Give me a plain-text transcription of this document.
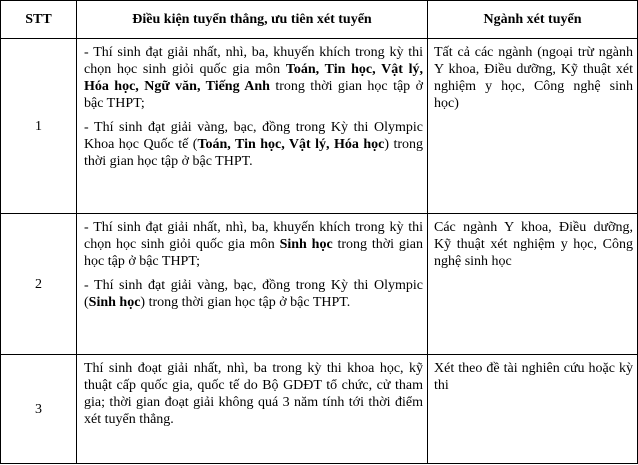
STT	Điều kiện tuyển thẳng, ưu tiên xét tuyển	Ngành xét tuyển
1	- Thí sinh đạt giải nhất, nhì, ba, khuyến khích trong kỳ thi chọn học sinh giỏi quốc gia môn Toán, Tin học, Vật lý, Hóa học, Ngữ văn, Tiếng Anh trong thời gian học tập ở bậc THPT;

- Thí sinh đạt giải vàng, bạc, đồng trong Kỳ thi Olympic Khoa học Quốc tế (Toán, Tin học, Vật lý, Hóa học) trong thời gian học tập ở bậc THPT.	Tất cả các ngành (ngoại trừ ngành Y khoa, Điều dưỡng, Kỹ thuật xét nghiệm y học, Công nghệ sinh học)
2	- Thí sinh đạt giải nhất, nhì, ba, khuyến khích trong kỳ thi chọn học sinh giỏi quốc gia môn Sinh học trong thời gian học tập ở bậc THPT;

- Thí sinh đạt giải vàng, bạc, đồng trong Kỳ thi Olympic (Sinh học) trong thời gian học tập ở bậc THPT.	Các ngành Y khoa, Điều dưỡng, Kỹ thuật xét nghiệm y học, Công nghệ sinh học
3	Thí sinh đoạt giải nhất, nhì, ba trong kỳ thi khoa học, kỹ thuật cấp quốc gia, quốc tế do Bộ GDĐT tổ chức, cử tham gia; thời gian đoạt giải không quá 3 năm tính tới thời điểm xét tuyển thẳng.	Xét theo đề tài nghiên cứu hoặc kỳ thi
